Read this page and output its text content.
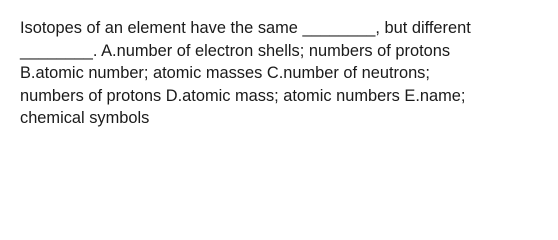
Isotopes of an element have the same ________, but different
________. A.number of electron shells; numbers of protons
B.atomic number; atomic masses C.number of neutrons;
numbers of protons D.atomic mass; atomic numbers E.name;
chemical symbols
